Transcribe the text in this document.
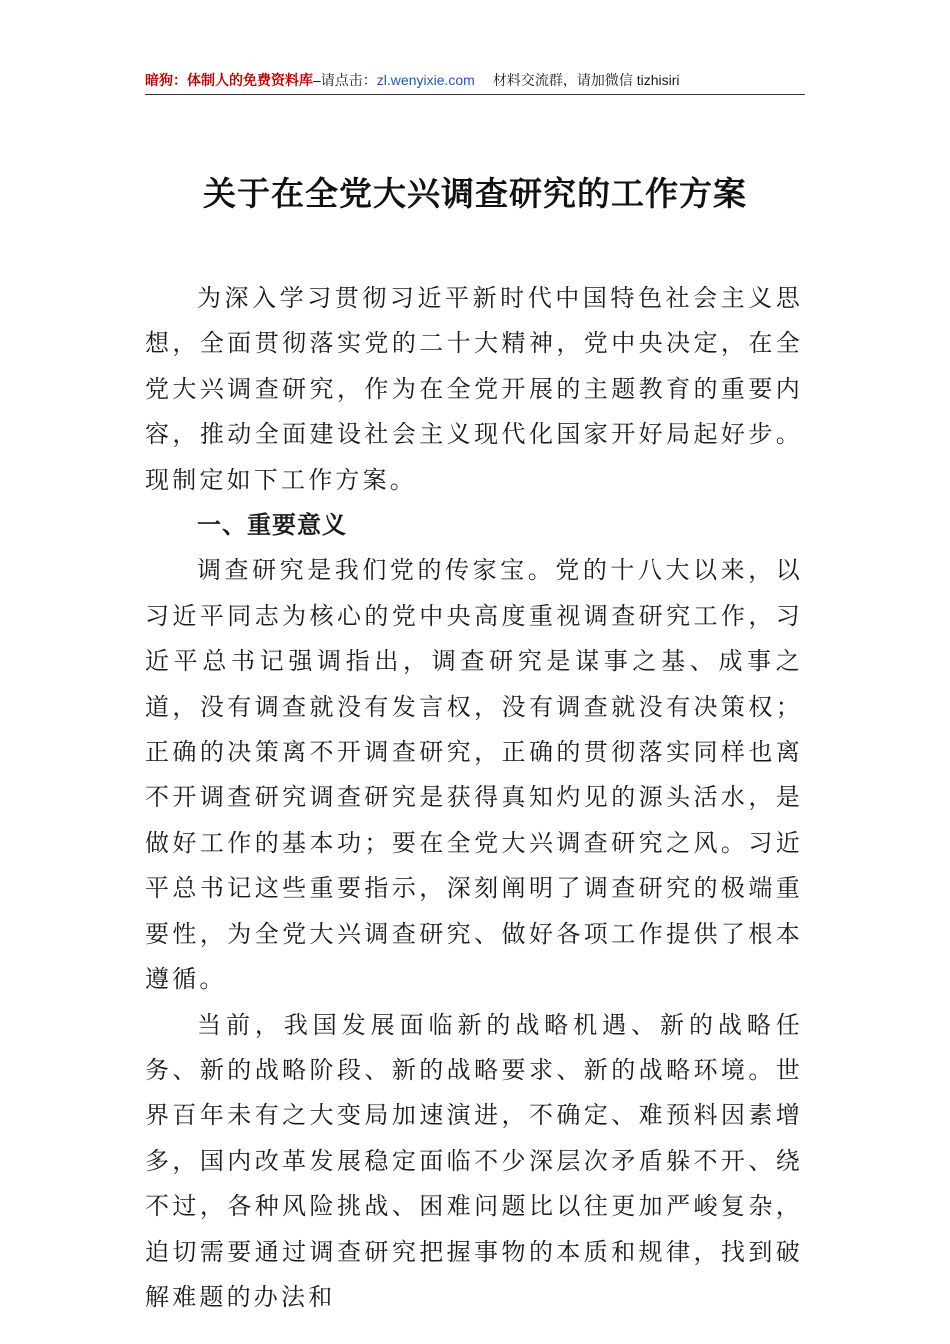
暗狗：体制人的免费资料库–请点击：zl.wenyixie.com 材料交流群，请加微信 tizhisiri
关于在全党大兴调查研究的工作方案

为深入学习贯彻习近平新时代中国特色社会主义思想，全面贯彻落实党的二十大精神，党中央决定，在全党大兴调查研究，作为在全党开展的主题教育的重要内容，推动全面建设社会主义现代化国家开好局起好步。现制定如下工作方案。

一、重要意义

调查研究是我们党的传家宝。党的十八大以来，以习近平同志为核心的党中央高度重视调查研究工作，习近平总书记强调指出，调查研究是谋事之基、成事之道，没有调查就没有发言权，没有调查就没有决策权；正确的决策离不开调查研究，正确的贯彻落实同样也离不开调查研究调查研究是获得真知灼见的源头活水，是做好工作的基本功；要在全党大兴调查研究之风。习近平总书记这些重要指示，深刻阐明了调查研究的极端重要性，为全党大兴调查研究、做好各项工作提供了根本遵循。

当前，我国发展面临新的战略机遇、新的战略任务、新的战略阶段、新的战略要求、新的战略环境。世界百年未有之大变局加速演进，不确定、难预料因素增多，国内改革发展稳定面临不少深层次矛盾躲不开、绕不过，各种风险挑战、困难问题比以往更加严峻复杂，迫切需要通过调查研究把握事物的本质和规律，找到破解难题的办法和
